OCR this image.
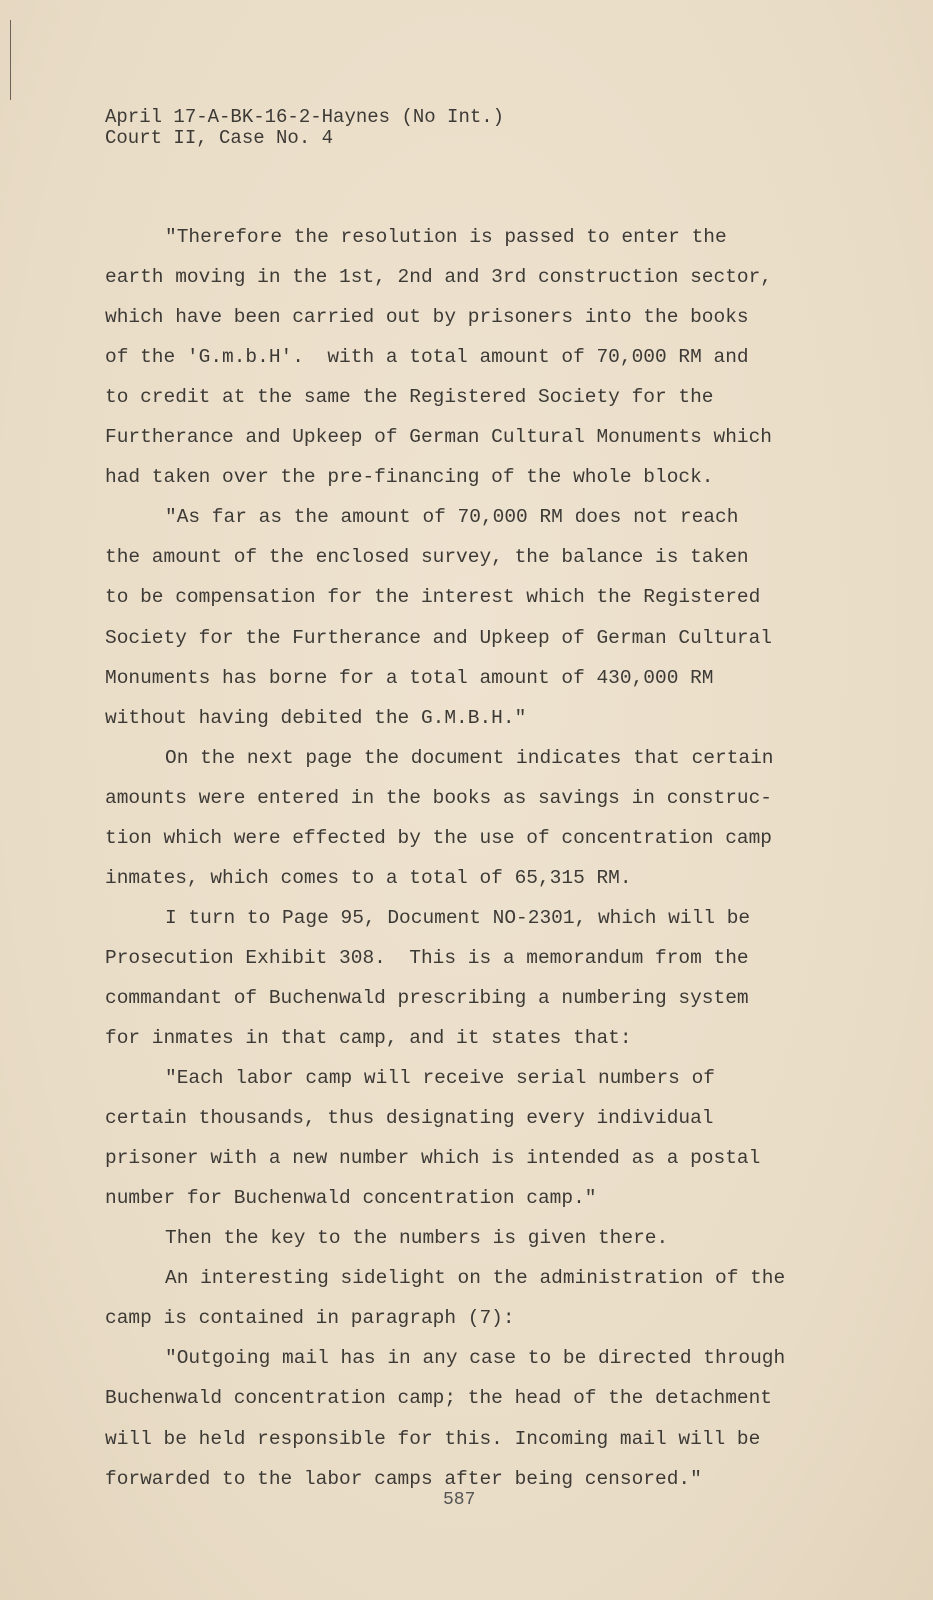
April 17-A-BK-16-2-Haynes (No Int.)
Court II, Case No. 4
"Therefore the resolution is passed to enter the
earth moving in the 1st, 2nd and 3rd construction sector,
which have been carried out by prisoners into the books
of the 'G.m.b.H'.  with a total amount of 70,000 RM and
to credit at the same the Registered Society for the
Furtherance and Upkeep of German Cultural Monuments which
had taken over the pre-financing of the whole block.
"As far as the amount of 70,000 RM does not reach
the amount of the enclosed survey, the balance is taken
to be compensation for the interest which the Registered
Society for the Furtherance and Upkeep of German Cultural
Monuments has borne for a total amount of 430,000 RM
without having debited the G.M.B.H."
On the next page the document indicates that certain
amounts were entered in the books as savings in construc-
tion which were effected by the use of concentration camp
inmates, which comes to a total of 65,315 RM.
I turn to Page 95, Document NO-2301, which will be
Prosecution Exhibit 308.  This is a memorandum from the
commandant of Buchenwald prescribing a numbering system
for inmates in that camp, and it states that:
"Each labor camp will receive serial numbers of
certain thousands, thus designating every individual
prisoner with a new number which is intended as a postal
number for Buchenwald concentration camp."
Then the key to the numbers is given there.
An interesting sidelight on the administration of the
camp is contained in paragraph (7):
"Outgoing mail has in any case to be directed through
Buchenwald concentration camp; the head of the detachment
will be held responsible for this. Incoming mail will be
forwarded to the labor camps after being censored."
587
